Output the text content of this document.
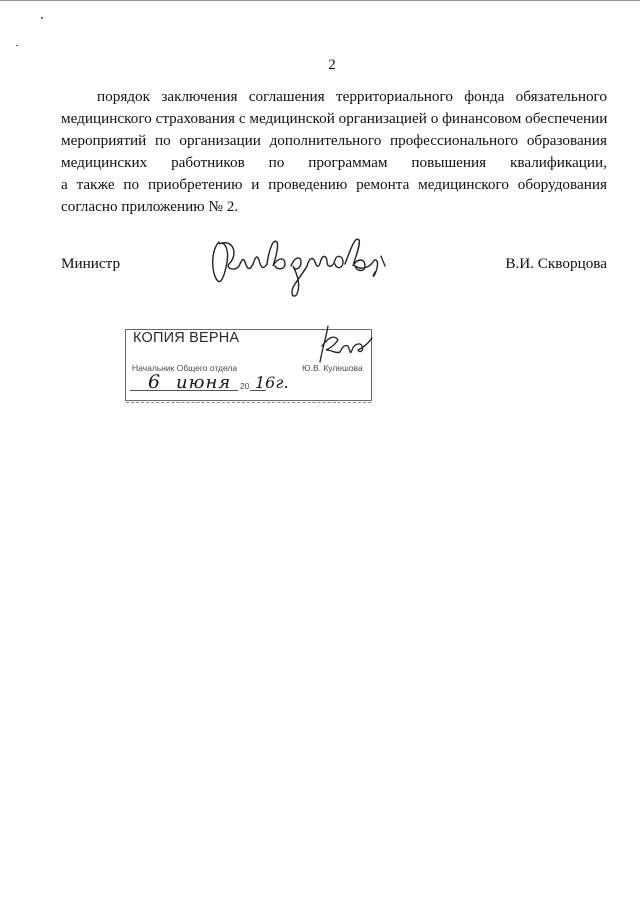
2
порядок заключения соглашения территориального фонда обязательного
медицинского страхования с медицинской организацией о финансовом обеспечении
мероприятий по организации дополнительного профессионального образования
медицинских работников по программам повышения квалификации,
а также по приобретению и проведению ремонта медицинского оборудования
согласно приложению № 2.
Министр	В.И. Скворцова
КОПИЯ ВЕРНА
Начальник Общего отдела	Ю.В. Кулешова
6 июня 20 16г.
